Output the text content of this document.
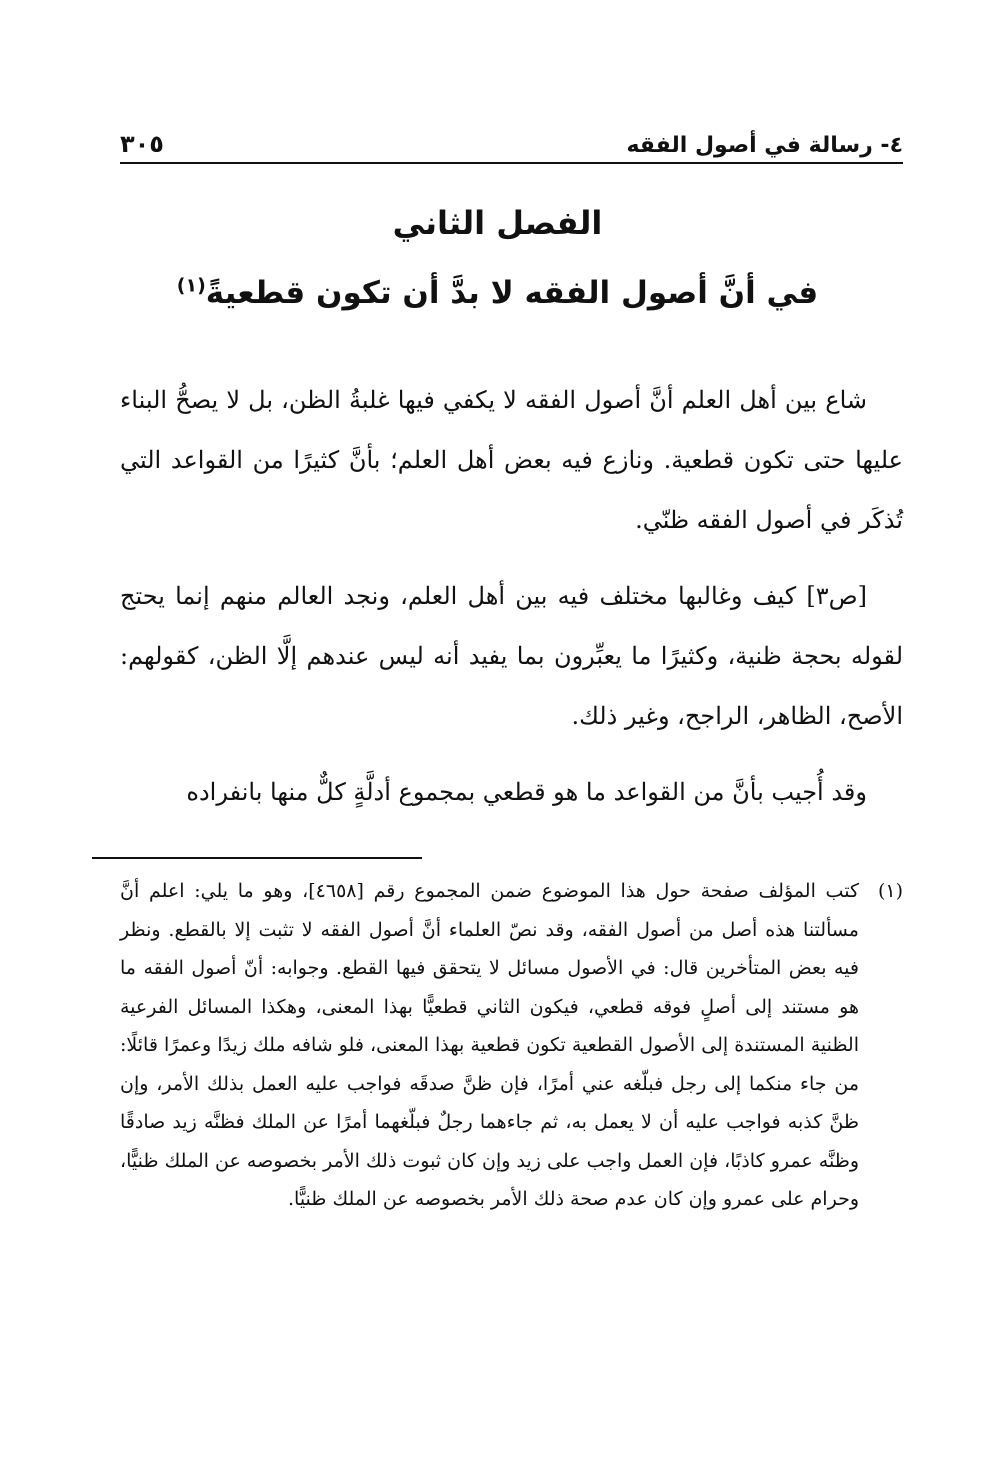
٤- رسالة في أصول الفقه
٣٠٥
الفصل الثاني
في أنَّ أصول الفقه لا بدَّ أن تكون قطعيةً$^{(١)}$

شاع بين أهل العلم أنَّ أصول الفقه لا يكفي فيها غلبةُ الظن، بل لا يصحُّ البناء عليها حتى تكون قطعية. ونازع فيه بعض أهل العلم؛ بأنَّ كثيرًا من القواعد التي تُذكَر في أصول الفقه ظنّي.

[ص٣] كيف وغالبها مختلف فيه بين أهل العلم، ونجد العالم منهم إنما يحتج لقوله بحجة ظنية، وكثيرًا ما يعبِّرون بما يفيد أنه ليس عندهم إلَّا الظن، كقولهم: الأصح، الظاهر، الراجح، وغير ذلك.

وقد أُجيب بأنَّ من القواعد ما هو قطعي بمجموع أدلَّةٍ كلٌّ منها بانفراده

(١)
كتب المؤلف صفحة حول هذا الموضوع ضمن المجموع رقم [٤٦٥٨]، وهو ما يلي: اعلم أنَّ مسألتنا هذه أصل من أصول الفقه، وقد نصّ العلماء أنَّ أصول الفقه لا تثبت إلا بالقطع. ونظر فيه بعض المتأخرين قال: في الأصول مسائل لا يتحقق فيها القطع. وجوابه: أنّ أصول الفقه ما هو مستند إلى أصلٍ فوقه قطعي، فيكون الثاني قطعيًّا بهذا المعنى، وهكذا المسائل الفرعية الظنية المستندة إلى الأصول القطعية تكون قطعية بهذا المعنى، فلو شافه ملك زيدًا وعمرًا قائلًا: من جاء منكما إلى رجل فبلّغه عني أمرًا، فإن ظنَّ صدقَه فواجب عليه العمل بذلك الأمر، وإن ظنَّ كذبه فواجب عليه أن لا يعمل به، ثم جاءهما رجلٌ فبلّغهما أمرًا عن الملك فظنَّه زيد صادقًا وظنَّه عمرو كاذبًا، فإن العمل واجب على زيد وإن كان ثبوت ذلك الأمر بخصوصه عن الملك ظنيًّا، وحرام على عمرو وإن كان عدم صحة ذلك الأمر بخصوصه عن الملك ظنيًّا.
